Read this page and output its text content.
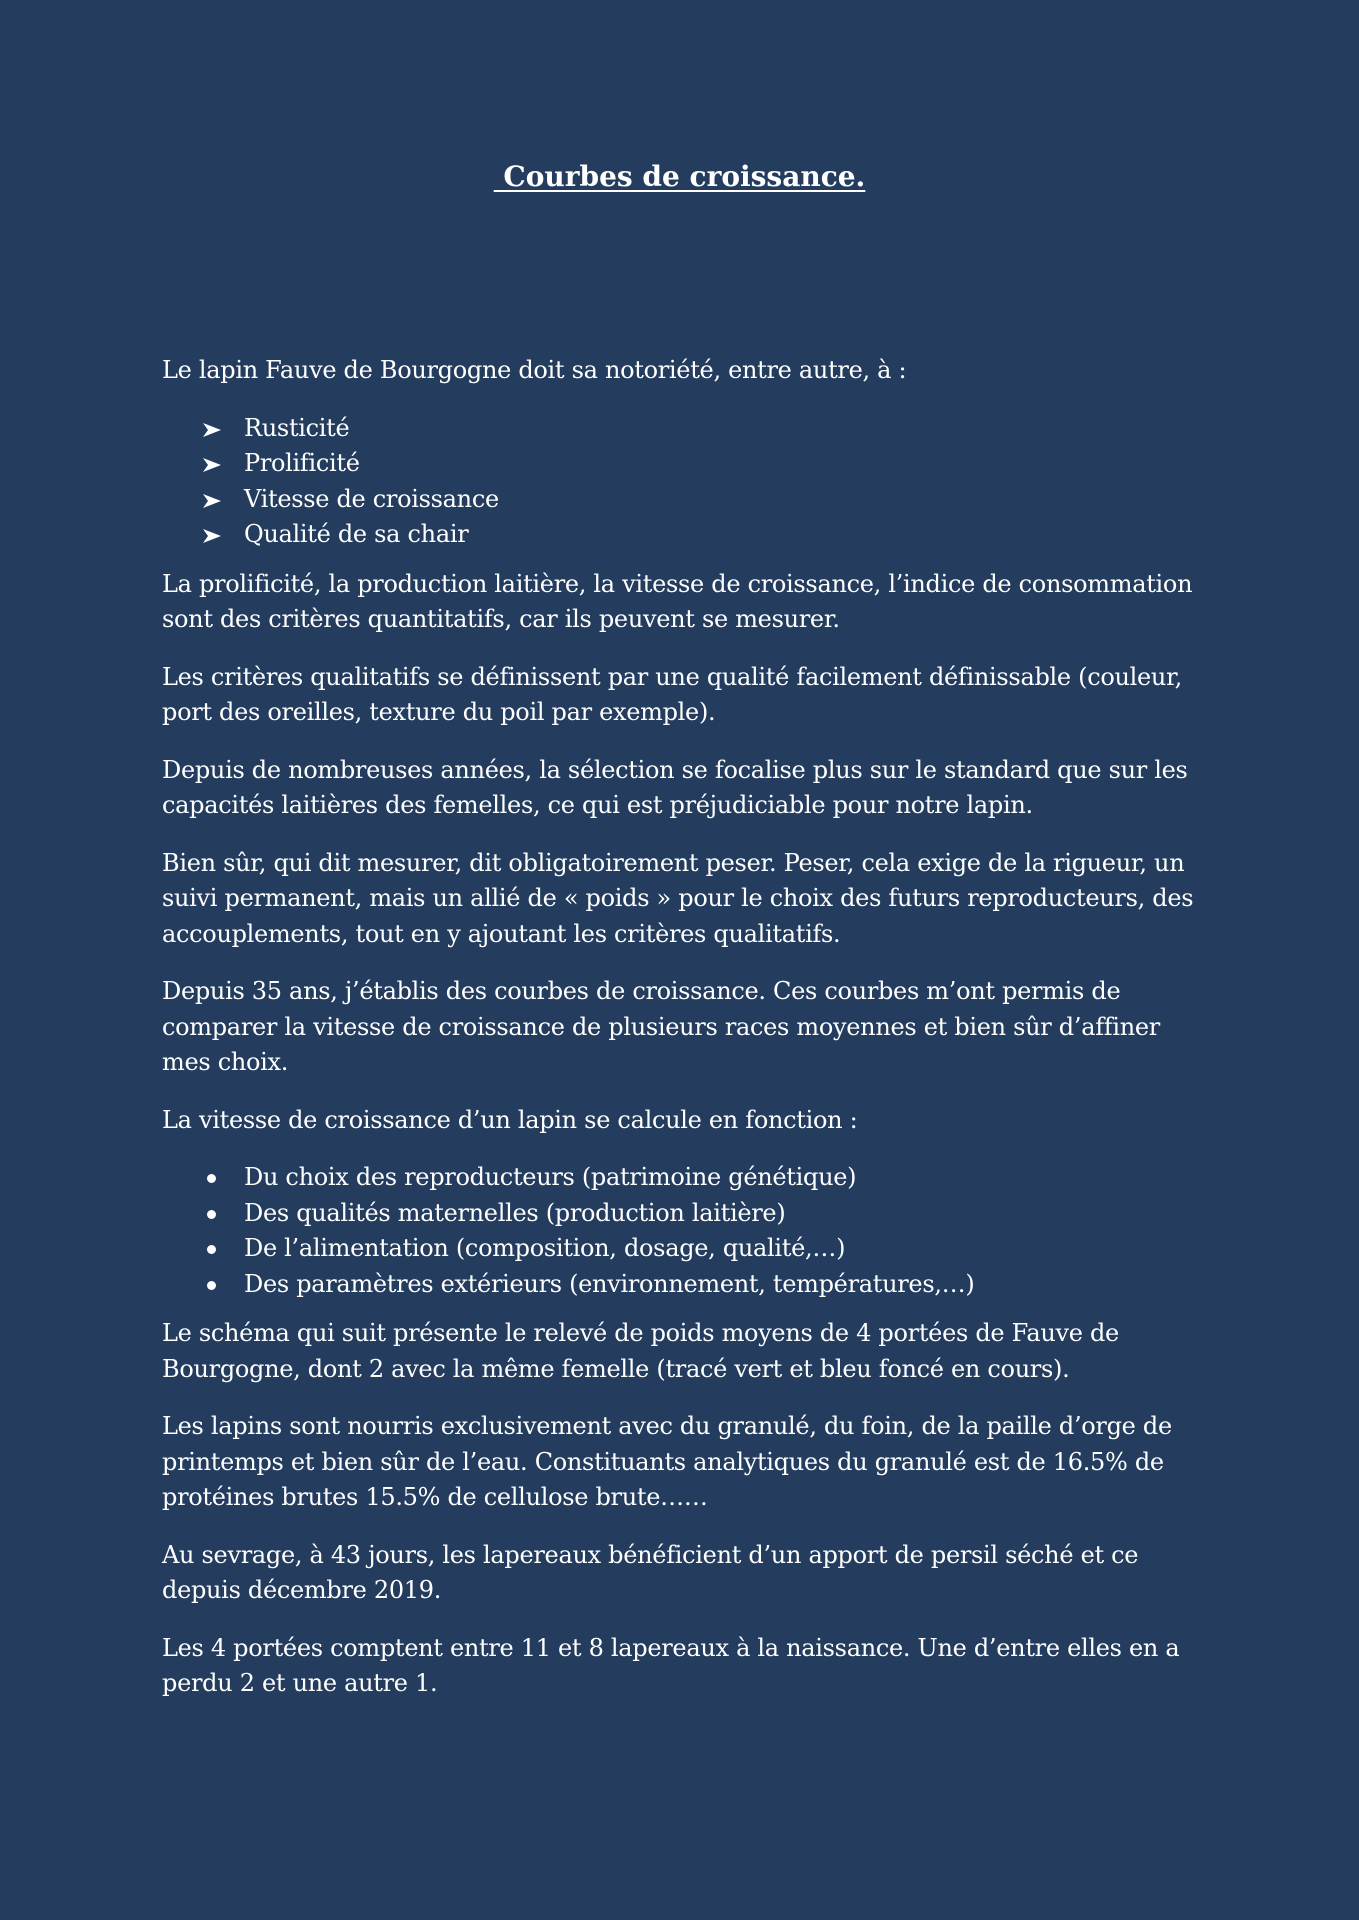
Courbes de croissance.

Le lapin Fauve de Bourgogne doit sa notoriété, entre autre, à :

Rusticité
Prolificité
Vitesse de croissance
Qualité de sa chair

La prolificité, la production laitière, la vitesse de croissance, l’indice de consommation sont des critères quantitatifs, car ils peuvent se mesurer.

Les critères qualitatifs se définissent par une qualité facilement définissable (couleur, port des oreilles, texture du poil par exemple).

Depuis de nombreuses années, la sélection se focalise plus sur le standard que sur les capacités laitières des femelles, ce qui est préjudiciable pour notre lapin.

Bien sûr, qui dit mesurer, dit obligatoirement peser. Peser, cela exige de la rigueur, un suivi permanent, mais un allié de « poids » pour le choix des futurs reproducteurs, des accouplements, tout en y ajoutant les critères qualitatifs.

Depuis 35 ans, j’établis des courbes de croissance. Ces courbes m’ont permis de comparer la vitesse de croissance de plusieurs races moyennes et bien sûr d’affiner mes choix.

La vitesse de croissance d’un lapin se calcule en fonction :

Du choix des reproducteurs (patrimoine génétique)
Des qualités maternelles (production laitière)
De l’alimentation (composition, dosage, qualité,…)
Des paramètres extérieurs (environnement, températures,…)

Le schéma qui suit présente le relevé de poids moyens de 4 portées de Fauve de Bourgogne, dont 2 avec la même femelle (tracé vert et bleu foncé en cours).

Les lapins sont nourris exclusivement avec du granulé, du foin, de la paille d’orge de printemps et bien sûr de l’eau. Constituants analytiques du granulé est de 16.5% de protéines brutes 15.5% de cellulose brute……

Au sevrage, à 43 jours, les lapereaux bénéficient d’un apport de persil séché et ce depuis décembre 2019.

Les 4 portées comptent entre 11 et 8 lapereaux à la naissance. Une d’entre elles en a perdu 2 et une autre 1.
